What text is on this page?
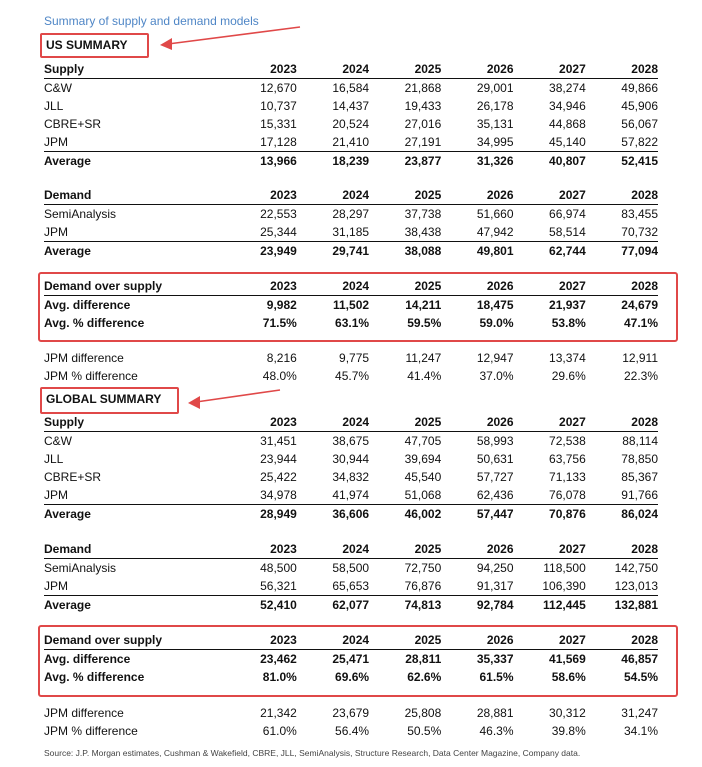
Summary of supply and demand models
US SUMMARY
Supply	2023	2024	2025	2026	2027	2028
C&W	12,670	16,584	21,868	29,001	38,274	49,866
JLL	10,737	14,437	19,433	26,178	34,946	45,906
CBRE+SR	15,331	20,524	27,016	35,131	44,868	56,067
JPM	17,128	21,410	27,191	34,995	45,140	57,822
Average	13,966	18,239	23,877	31,326	40,807	52,415
Demand	2023	2024	2025	2026	2027	2028
SemiAnalysis	22,553	28,297	37,738	51,660	66,974	83,455
JPM	25,344	31,185	38,438	47,942	58,514	70,732
Average	23,949	29,741	38,088	49,801	62,744	77,094
Demand over supply	2023	2024	2025	2026	2027	2028
Avg. difference	9,982	11,502	14,211	18,475	21,937	24,679
Avg. % difference	71.5%	63.1%	59.5%	59.0%	53.8%	47.1%
JPM difference	8,216	9,775	11,247	12,947	13,374	12,911
JPM % difference	48.0%	45.7%	41.4%	37.0%	29.6%	22.3%
GLOBAL SUMMARY
Supply	2023	2024	2025	2026	2027	2028
C&W	31,451	38,675	47,705	58,993	72,538	88,114
JLL	23,944	30,944	39,694	50,631	63,756	78,850
CBRE+SR	25,422	34,832	45,540	57,727	71,133	85,367
JPM	34,978	41,974	51,068	62,436	76,078	91,766
Average	28,949	36,606	46,002	57,447	70,876	86,024
Demand	2023	2024	2025	2026	2027	2028
SemiAnalysis	48,500	58,500	72,750	94,250	118,500	142,750
JPM	56,321	65,653	76,876	91,317	106,390	123,013
Average	52,410	62,077	74,813	92,784	112,445	132,881
Demand over supply	2023	2024	2025	2026	2027	2028
Avg. difference	23,462	25,471	28,811	35,337	41,569	46,857
Avg. % difference	81.0%	69.6%	62.6%	61.5%	58.6%	54.5%
JPM difference	21,342	23,679	25,808	28,881	30,312	31,247
JPM % difference	61.0%	56.4%	50.5%	46.3%	39.8%	34.1%
Source: J.P. Morgan estimates, Cushman & Wakefield, CBRE, JLL, SemiAnalysis, Structure Research, Data Center Magazine, Company data.
